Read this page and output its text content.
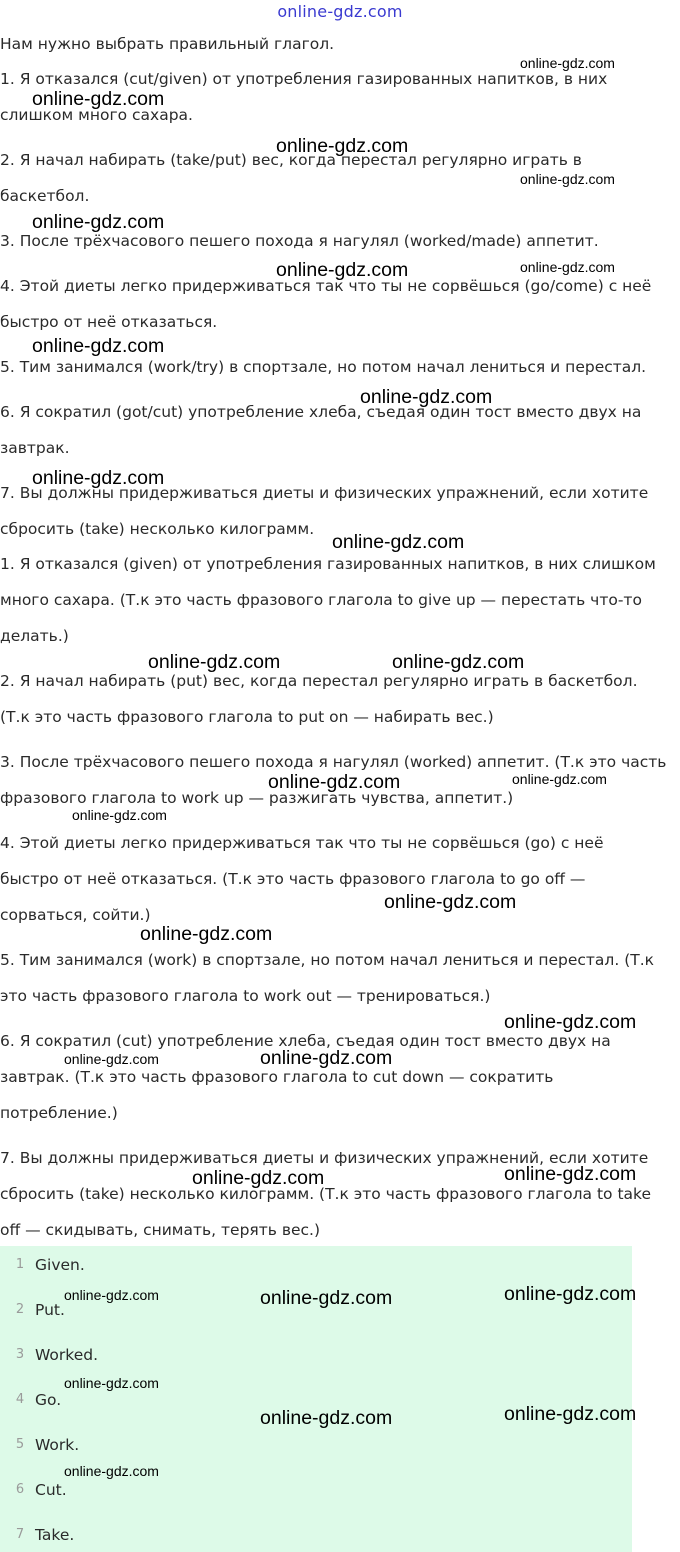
online-gdz.com

Нам нужно выбрать правильный глагол.

1. Я отказался (cut/given) от употребления газированных напитков, в них

слишком много сахара.

2. Я начал набирать (take/put) вес, когда перестал регулярно играть в

баскетбол.

3. После трёхчасового пешего похода я нагулял (worked/made) аппетит.

4. Этой диеты легко придерживаться так что ты не сорвёшься (go/come) с неё

быстро от неё отказаться.

5. Тим занимался (work/try) в спортзале, но потом начал лениться и перестал.

6. Я сократил (got/cut) употребление хлеба, съедая один тост вместо двух на

завтрак.

7. Вы должны придерживаться диеты и физических упражнений, если хотите

сбросить (take) несколько килограмм.

1. Я отказался (given) от употребления газированных напитков, в них слишком

много сахара. (Т.к это часть фразового глагола to give up — перестать что-то

делать.)

2. Я начал набирать (put) вес, когда перестал регулярно играть в баскетбол.

(Т.к это часть фразового глагола to put on — набирать вес.)

3. После трёхчасового пешего похода я нагулял (worked) аппетит. (Т.к это часть

фразового глагола to work up — разжигать чувства, аппетит.)

4. Этой диеты легко придерживаться так что ты не сорвёшься (go) с неё

быстро от неё отказаться. (Т.к это часть фразового глагола to go off —

сорваться, сойти.)

5. Тим занимался (work) в спортзале, но потом начал лениться и перестал. (Т.к

это часть фразового глагола to work out — тренироваться.)

6. Я сократил (cut) употребление хлеба, съедая один тост вместо двух на

завтрак. (Т.к это часть фразового глагола to cut down — сократить

потребление.)

7. Вы должны придерживаться диеты и физических упражнений, если хотите

сбросить (take) несколько килограмм. (Т.к это часть фразового глагола to take

off — скидывать, снимать, терять вес.)

1 Given.
2 Put.
3 Worked.
4 Go.
5 Work.
6 Cut.
7 Take.
online-gdz.com
online-gdz.com
online-gdz.com
online-gdz.com
online-gdz.com
online-gdz.com	online-gdz.com
online-gdz.com
online-gdz.com
online-gdz.com
online-gdz.com
online-gdz.com	online-gdz.com
online-gdz.com	online-gdz.com
online-gdz.com
online-gdz.com
online-gdz.com
online-gdz.com
online-gdz.com	online-gdz.com
online-gdz.com	online-gdz.com
online-gdz.com	online-gdz.com	online-gdz.com
online-gdz.com
online-gdz.com	online-gdz.com
online-gdz.com
